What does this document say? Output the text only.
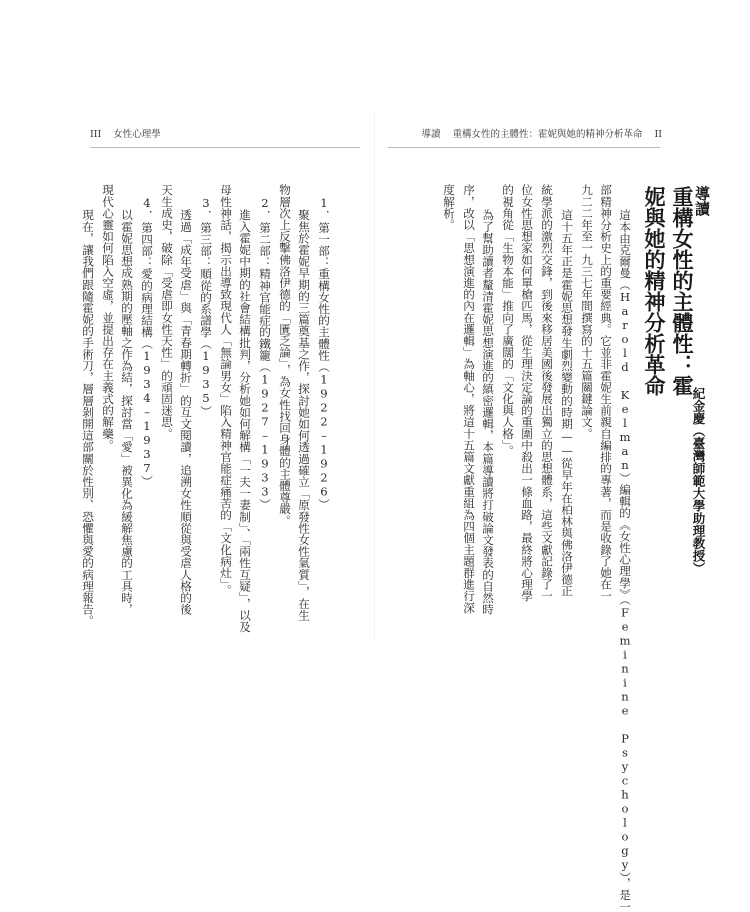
III 女性心理學	導讀 重構女性的主體性：霍妮與她的精神分析革命 II
導讀
重構女性的主體性：霍
妮與她的精神分析革命
紀金慶（臺灣師範大學助理教授）
這本由克爾曼（Harold Kelman）編輯的《女性心理學》（Feminine Psychology），是一
部精神分析史上的重要經典。它並非霍妮生前親自編排的專著，而是收錄了她在一
九二二年至一九三七年間撰寫的十五篇關鍵論文。
這十五年正是霍妮思想發生劇烈變動的時期——從早年在柏林與佛洛伊德正
統學派的激烈交鋒，到後來移居美國後發展出獨立的思想體系，這些文獻記錄了一
位女性思想家如何單槍匹馬，從生理決定論的重圍中殺出一條血路，最終將心理學
的視角從「生物本能」推向了廣闊的「文化與人格」。
為了幫助讀者釐清霍妮思想演進的縝密邏輯，本篇導讀將打破論文發表的自然時
序，改以「思想演進的內在邏輯」為軸心，將這十五篇文獻重組為四個主題群進行深
度解析。
1．第一部：重構女性的主體性（1922–1926）
聚焦於霍妮早期的三篇奠基之作，探討她如何透過確立「原發性女性氣質」，在生
物層次上反擊佛洛伊德的「匱乏論」，為女性找回身體的主體尊嚴。
2．第二部：精神官能症的鐵籠（1927–1933）
進入霍妮中期的社會結構批判，分析她如何解構「一夫一妻制」、「兩性互疑」，以及
母性神話，揭示出導致現代人「無論男女」陷入精神官能症痛苦的「文化病灶」。
3．第三部：順從的系譜學（1935）
透過「成年受虐」與「青春期轉折」的互文閱讀，追溯女性順從與受虐人格的後
天生成史，破除「受虐即女性天性」的頑固迷思。
4．第四部：愛的病理結構（1934–1937）
以霍妮思想成熟期的壓軸之作為結，探討當「愛」被異化為緩解焦慮的工具時，
現代心靈如何陷入空虛，並提出存在主義式的解藥。
現在，讓我們跟隨霍妮的手術刀，層層剝開這部關於性別、恐懼與愛的病理報告。
